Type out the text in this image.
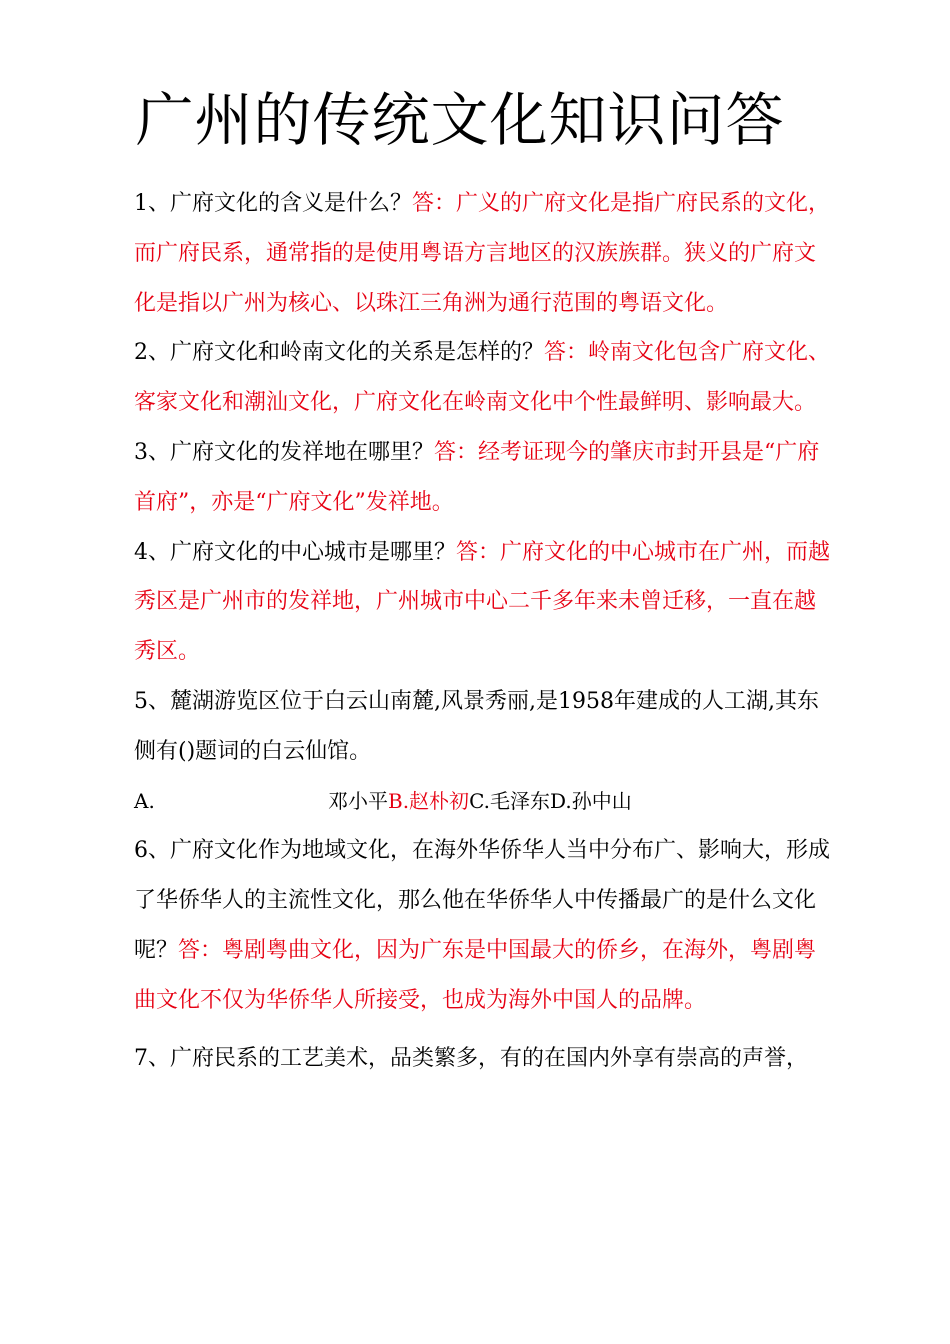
广州的传统文化知识问答

1、广府文化的含义是什么？答：广义的广府文化是指广府民系的文化，而广府民系，通常指的是使用粤语方言地区的汉族族群。狭义的广府文化是指以广州为核心、以珠江三角洲为通行范围的粤语文化。

2、广府文化和岭南文化的关系是怎样的？答：岭南文化包含广府文化、客家文化和潮汕文化，广府文化在岭南文化中个性最鲜明、影响最大。

3、广府文化的发祥地在哪里？答：经考证现今的肇庆市封开县是“广府首府”，亦是“广府文化”发祥地。

4、广府文化的中心城市是哪里？答：广府文化的中心城市在广州，而越秀区是广州市的发祥地，广州城市中心二千多年来未曾迁移，一直在越秀区。

5、麓湖游览区位于白云山南麓,风景秀丽,是1958年建成的人工湖,其东侧有()题词的白云仙馆。

A.	邓小平B.赵朴初C.毛泽东D.孙中山

6、广府文化作为地域文化，在海外华侨华人当中分布广、影响大，形成了华侨华人的主流性文化，那么他在华侨华人中传播最广的是什么文化呢？答：粤剧粤曲文化，因为广东是中国最大的侨乡，在海外，粤剧粤曲文化不仅为华侨华人所接受，也成为海外中国人的品牌。

7、广府民系的工艺美术，品类繁多，有的在国内外享有崇高的声誉，
